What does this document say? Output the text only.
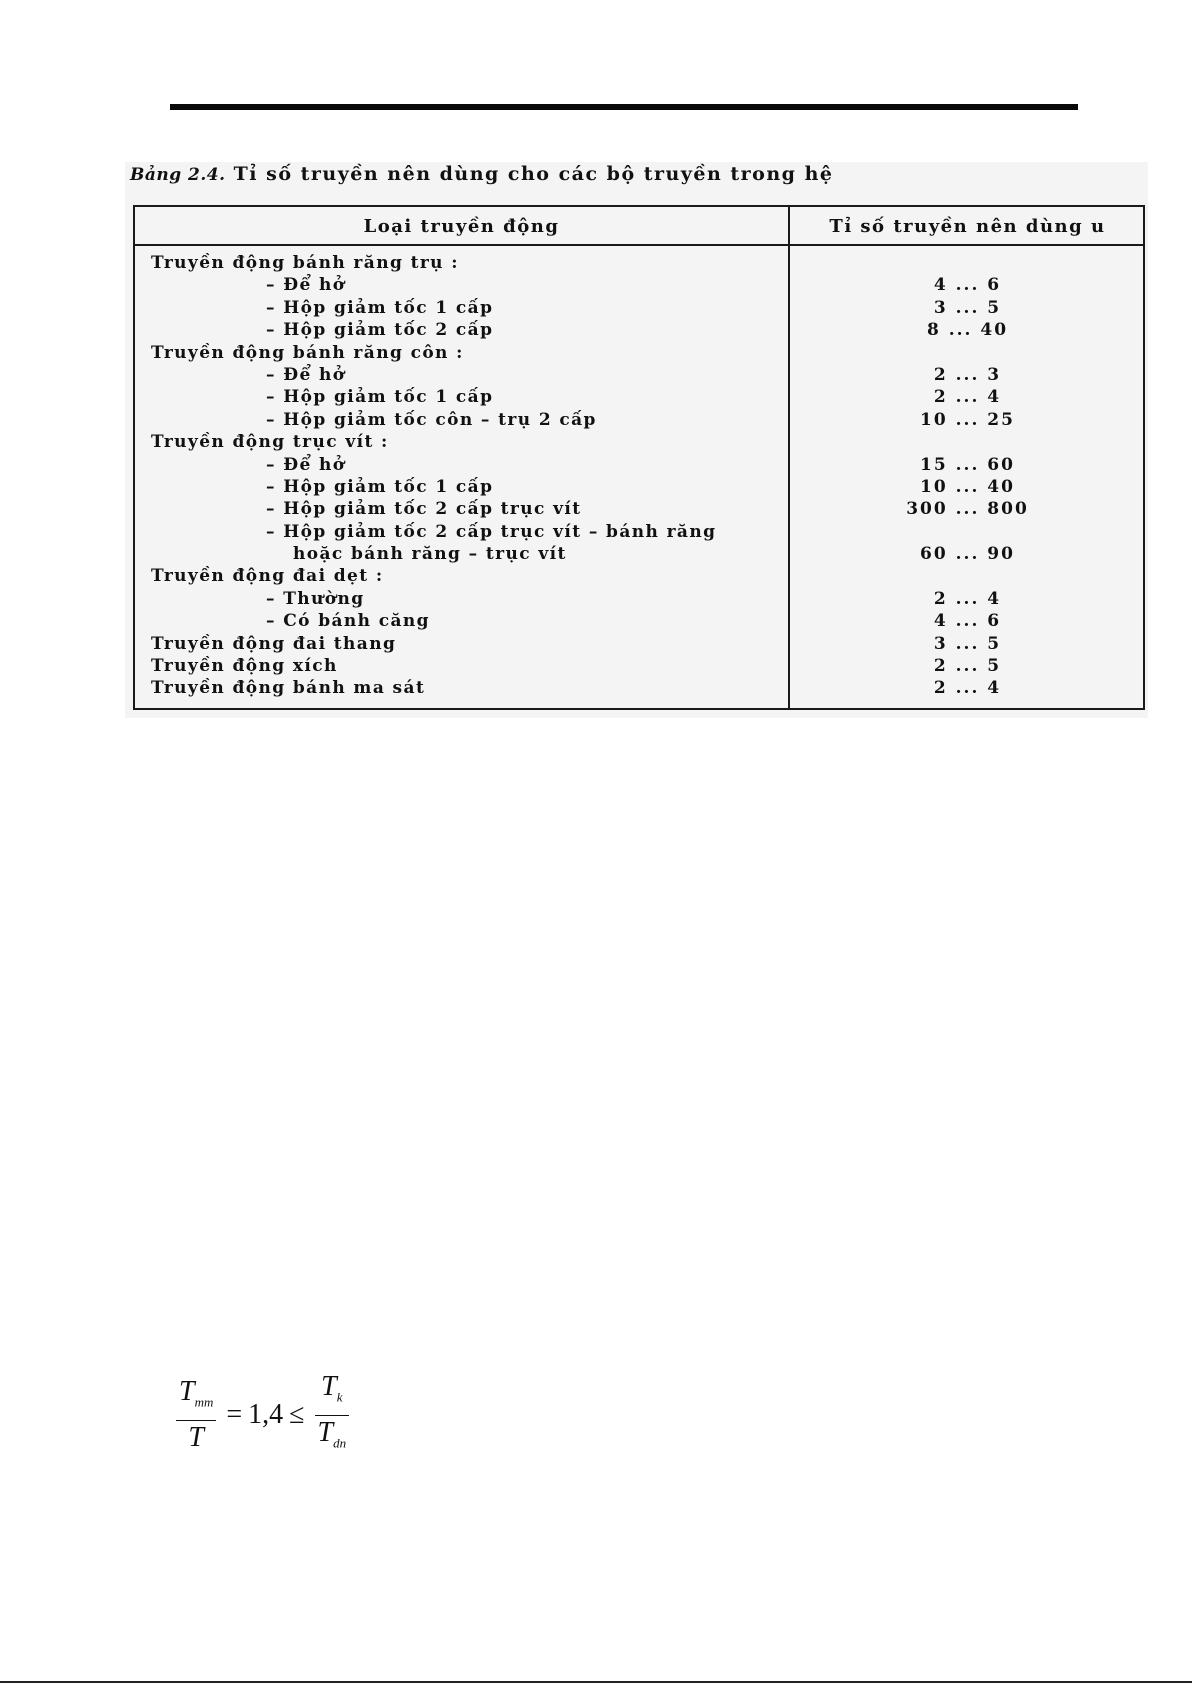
Bảng 2.4. Tỉ số truyền nên dùng cho các bộ truyền trong hệ
Loại truyền động	Tỉ số truyền nên dùng u
Truyền động bánh răng trụ :
– Để hở	4 ... 6
– Hộp giảm tốc 1 cấp	3 ... 5
– Hộp giảm tốc 2 cấp	8 ... 40
Truyền động bánh răng côn :
– Để hở	2 ... 3
– Hộp giảm tốc 1 cấp	2 ... 4
– Hộp giảm tốc côn – trụ 2 cấp	10 ... 25
Truyền động trục vít :
– Để hở	15 ... 60
– Hộp giảm tốc 1 cấp	10 ... 40
– Hộp giảm tốc 2 cấp trục vít	300 ... 800
– Hộp giảm tốc 2 cấp trục vít – bánh răng
hoặc bánh răng – trục vít	60 ... 90
Truyền động đai dẹt :
– Thường	2 ... 4
– Có bánh căng	4 ... 6
Truyền động đai thang	3 ... 5
Truyền động xích	2 ... 5
Truyền động bánh ma sát	2 ... 4
$\frac{T_{mm}}{T} = 1,4 \le \frac{T_k}{T_{dn}}$
